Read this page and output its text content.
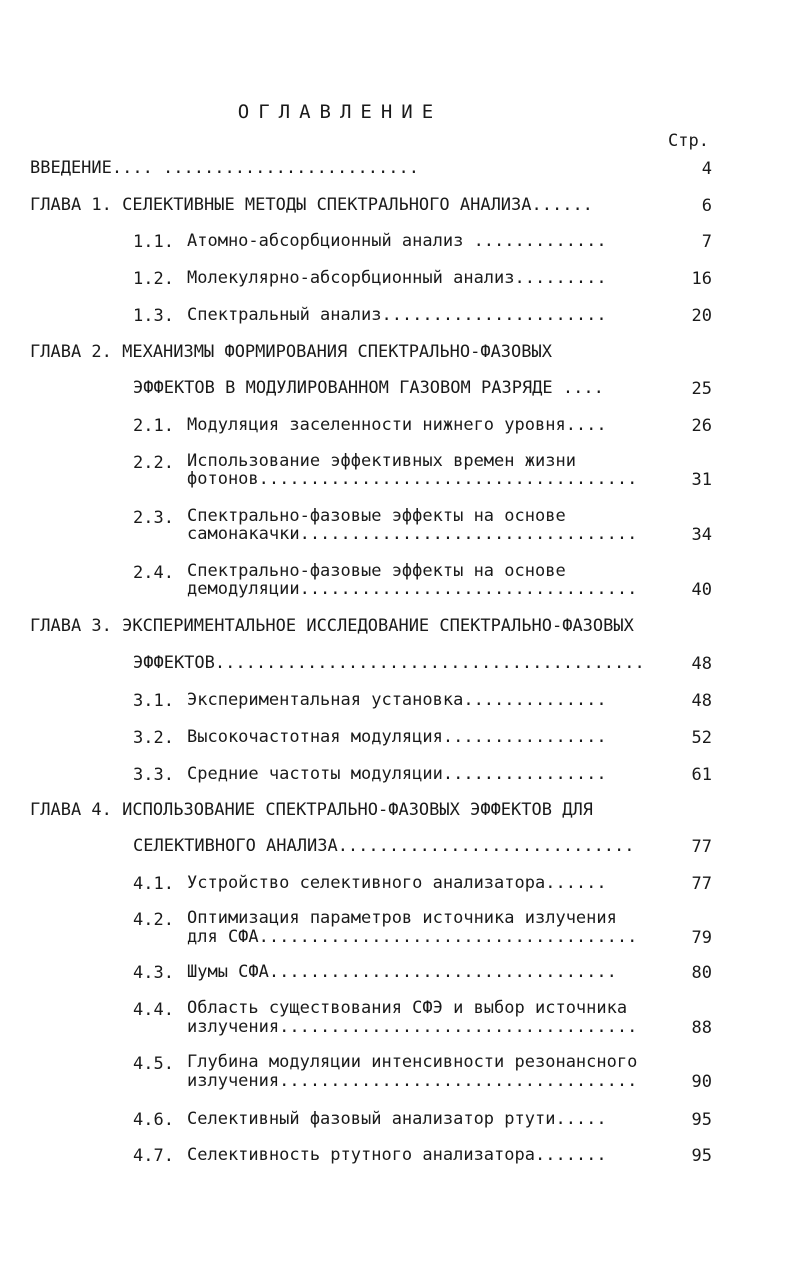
ОГЛАВЛЕНИЕ
Стр.
ВВЕДЕНИЕ.... .........................	4
ГЛАВА 1. СЕЛЕКТИВНЫЕ МЕТОДЫ СПЕКТРАЛЬНОГО АНАЛИЗА......	6
1.1. Атомно-абсорбционный анализ .............	7
1.2. Молекулярно-абсорбционный анализ.........	16
1.3. Спектральный анализ......................	20
ГЛАВА 2. МЕХАНИЗМЫ ФОРМИРОВАНИЯ СПЕКТРАЛЬНО-ФАЗОВЫХ
ЭФФЕКТОВ В МОДУЛИРОВАННОМ ГАЗОВОМ РАЗРЯДЕ ....	25
2.1. Модуляция заселенности нижнего уровня....	26
2.2. Использование эффективных времен жизни
фотонов.....................................	31
2.3. Спектрально-фазовые эффекты на основе
самонакачки.................................	34
2.4. Спектрально-фазовые эффекты на основе
демодуляции.................................	40
ГЛАВА 3. ЭКСПЕРИМЕНТАЛЬНОЕ ИССЛЕДОВАНИЕ СПЕКТРАЛЬНО-ФАЗОВЫХ
ЭФФЕКТОВ..........................................	48
3.1. Экспериментальная установка..............	48
3.2. Высокочастотная модуляция................	52
3.3. Средние частоты модуляции................	61
ГЛАВА 4. ИСПОЛЬЗОВАНИЕ СПЕКТРАЛЬНО-ФАЗОВЫХ ЭФФЕКТОВ ДЛЯ
СЕЛЕКТИВНОГО АНАЛИЗА.............................	77
4.1. Устройство селективного анализатора......	77
4.2. Оптимизация параметров источника излучения
для СФА.....................................	79
4.3. Шумы СФА..................................	80
4.4. Область существования СФЭ и выбор источника
излучения...................................	88
4.5. Глубина модуляции интенсивности резонансного
излучения...................................	90
4.6. Селективный фазовый анализатор ртути.....	95
4.7. Селективность ртутного анализатора.......	95
